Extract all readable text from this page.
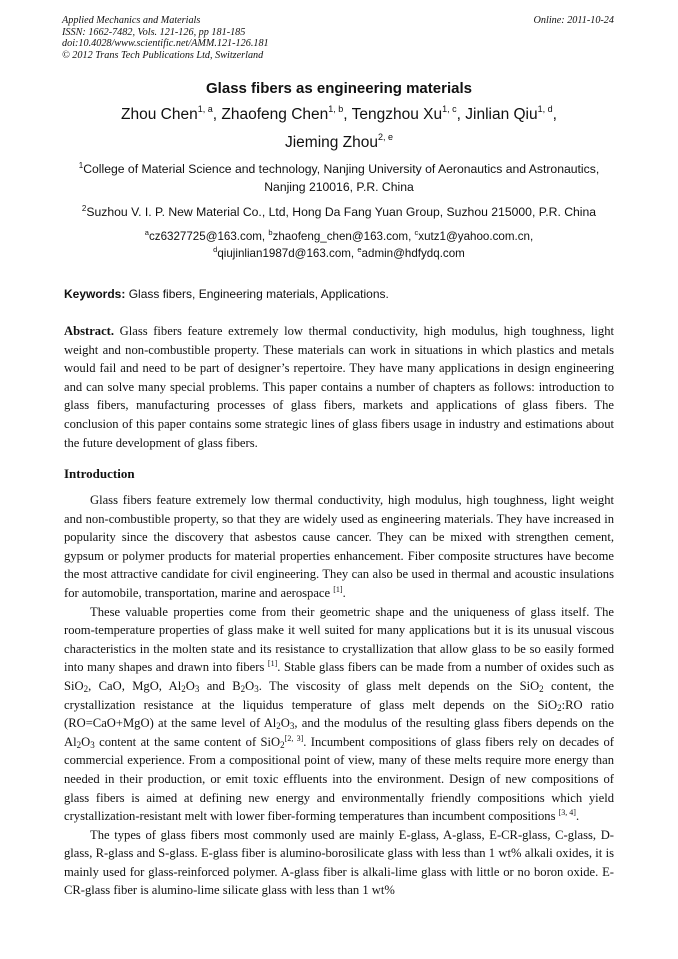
Applied Mechanics and Materials
ISSN: 1662-7482, Vols. 121-126, pp 181-185
doi:10.4028/www.scientific.net/AMM.121-126.181
© 2012 Trans Tech Publications Ltd, Switzerland
Online: 2011-10-24
Glass fibers as engineering materials
Zhou Chen$^{1, a}$, Zhaofeng Chen$^{1, b}$, Tengzhou Xu$^{1, c}$, Jinlian Qiu$^{1, d}$,
Jieming Zhou$^{2, e}$
$^1$College of Material Science and technology, Nanjing University of Aeronautics and Astronautics,
Nanjing 210016, P.R. China
$^2$Suzhou V. I. P. New Material Co., Ltd, Hong Da Fang Yuan Group, Suzhou 215000, P.R. China
$^a$cz6327725@163.com, $^b$zhaofeng_chen@163.com, $^c$xutz1@yahoo.com.cn,
$^d$qiujinlian1987d@163.com, $^e$admin@hdfydq.com
Keywords: Glass fibers, Engineering materials, Applications.

Abstract. Glass fibers feature extremely low thermal conductivity, high modulus, high toughness, light weight and non-combustible property. These materials can work in situations in which plastics and metals would fail and need to be part of designer’s repertoire. They have many applications in design engineering and can solve many special problems. This paper contains a number of chapters as follows: introduction to glass fibers, manufacturing processes of glass fibers, markets and applications of glass fibers. The conclusion of this paper contains some strategic lines of glass fibers usage in industry and estimations about the future development of glass fibers.

Introduction

Glass fibers feature extremely low thermal conductivity, high modulus, high toughness, light weight and non-combustible property, so that they are widely used as engineering materials. They have increased in popularity since the discovery that asbestos cause cancer. They can be mixed with strengthen cement, gypsum or polymer products for material properties enhancement. Fiber composite structures have become the most attractive candidate for civil engineering. They can also be used in thermal and acoustic insulations for automobile, transportation, marine and aerospace [1].

These valuable properties come from their geometric shape and the uniqueness of glass itself. The room-temperature properties of glass make it well suited for many applications but it is its unusual viscous characteristics in the molten state and its resistance to crystallization that allow glass to be so easily formed into many shapes and drawn into fibers [1]. Stable glass fibers can be made from a number of oxides such as SiO$_2$, CaO, MgO, $Al_2O_3$ and $B_2O_3$. The viscosity of glass melt depends on the SiO$_2$ content, the crystallization resistance at the liquidus temperature of glass melt depends on the SiO$_2$:RO ratio (RO=CaO+MgO) at the same level of $Al_2O_3$, and the modulus of the resulting glass fibers depends on the $Al_2O_3$ content at the same content of SiO$_2$[2, 3]. Incumbent compositions of glass fibers rely on decades of commercial experience. From a compositional point of view, many of these melts require more energy than needed in their production, or emit toxic effluents into the environment. Design of new compositions of glass fibers is aimed at defining new energy and environmentally friendly compositions which yield crystallization-resistant melt with lower fiber-forming temperatures than incumbent compositions [3, 4].

The types of glass fibers most commonly used are mainly E-glass, A-glass, E-CR-glass, C-glass, D-glass, R-glass and S-glass. E-glass fiber is alumino-borosilicate glass with less than 1 wt% alkali oxides, it is mainly used for glass-reinforced polymer. A-glass fiber is alkali-lime glass with little or no boron oxide. E-CR-glass fiber is alumino-lime silicate glass with less than 1 wt%
